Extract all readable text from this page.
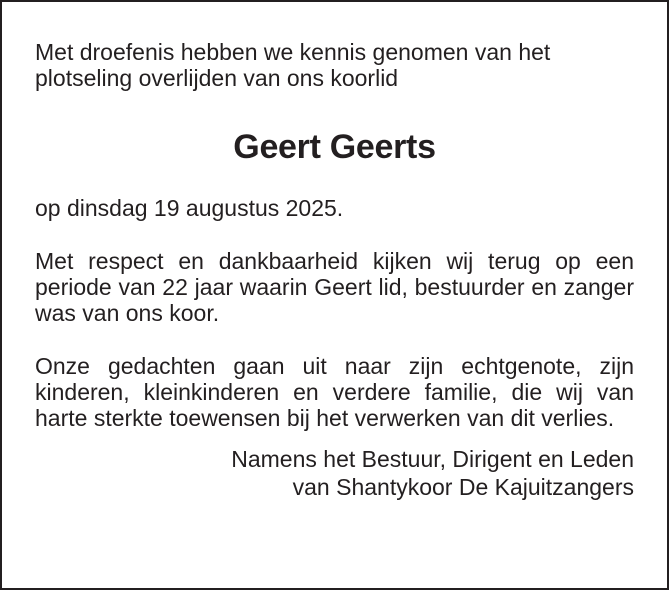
Met droefenis hebben we kennis genomen van het
plotseling overlijden van ons koorlid

Geert Geerts

op dinsdag 19 augustus 2025.

Met respect en dankbaarheid kijken wij terug op een periode van 22 jaar waarin Geert lid, bestuurder en zanger was van ons koor.

Onze gedachten gaan uit naar zijn echtgenote, zijn kinderen, kleinkinderen en verdere familie, die wij van harte sterkte toewensen bij het verwerken van dit verlies.

Namens het Bestuur, Dirigent en Leden
van Shantykoor De Kajuitzangers
